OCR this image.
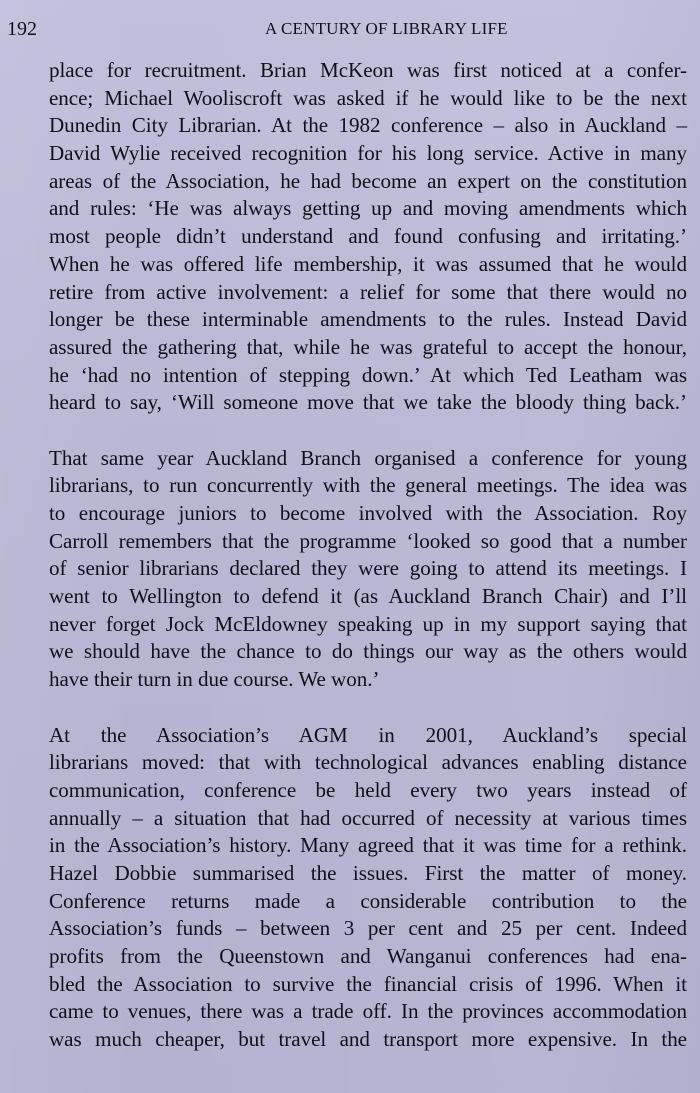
192	A CENTURY OF LIBRARY LIFE

place for recruitment. Brian McKeon was first noticed at a confer-
ence; Michael Wooliscroft was asked if he would like to be the next
Dunedin City Librarian. At the 1982 conference – also in Auckland –
David Wylie received recognition for his long service. Active in many
areas of the Association, he had become an expert on the constitution
and rules: ‘He was always getting up and moving amendments which
most people didn’t understand and found confusing and irritating.’
When he was offered life membership, it was assumed that he would
retire from active involvement: a relief for some that there would no
longer be these interminable amendments to the rules. Instead David
assured the gathering that, while he was grateful to accept the honour,
he ‘had no intention of stepping down.’ At which Ted Leatham was
heard to say, ‘Will someone move that we take the bloody thing back.’

That same year Auckland Branch organised a conference for young
librarians, to run concurrently with the general meetings. The idea was
to encourage juniors to become involved with the Association. Roy
Carroll remembers that the programme ‘looked so good that a number
of senior librarians declared they were going to attend its meetings. I
went to Wellington to defend it (as Auckland Branch Chair) and I’ll
never forget Jock McEldowney speaking up in my support saying that
we should have the chance to do things our way as the others would
have their turn in due course. We won.’

At the Association’s AGM in 2001, Auckland’s special
librarians moved: that with technological advances enabling distance
communication, conference be held every two years instead of
annually – a situation that had occurred of necessity at various times
in the Association’s history. Many agreed that it was time for a rethink.
Hazel Dobbie summarised the issues. First the matter of money.
Conference returns made a considerable contribution to the
Association’s funds – between 3 per cent and 25 per cent. Indeed
profits from the Queenstown and Wanganui conferences had ena-
bled the Association to survive the financial crisis of 1996. When it
came to venues, there was a trade off. In the provinces accommodation
was much cheaper, but travel and transport more expensive. In the
